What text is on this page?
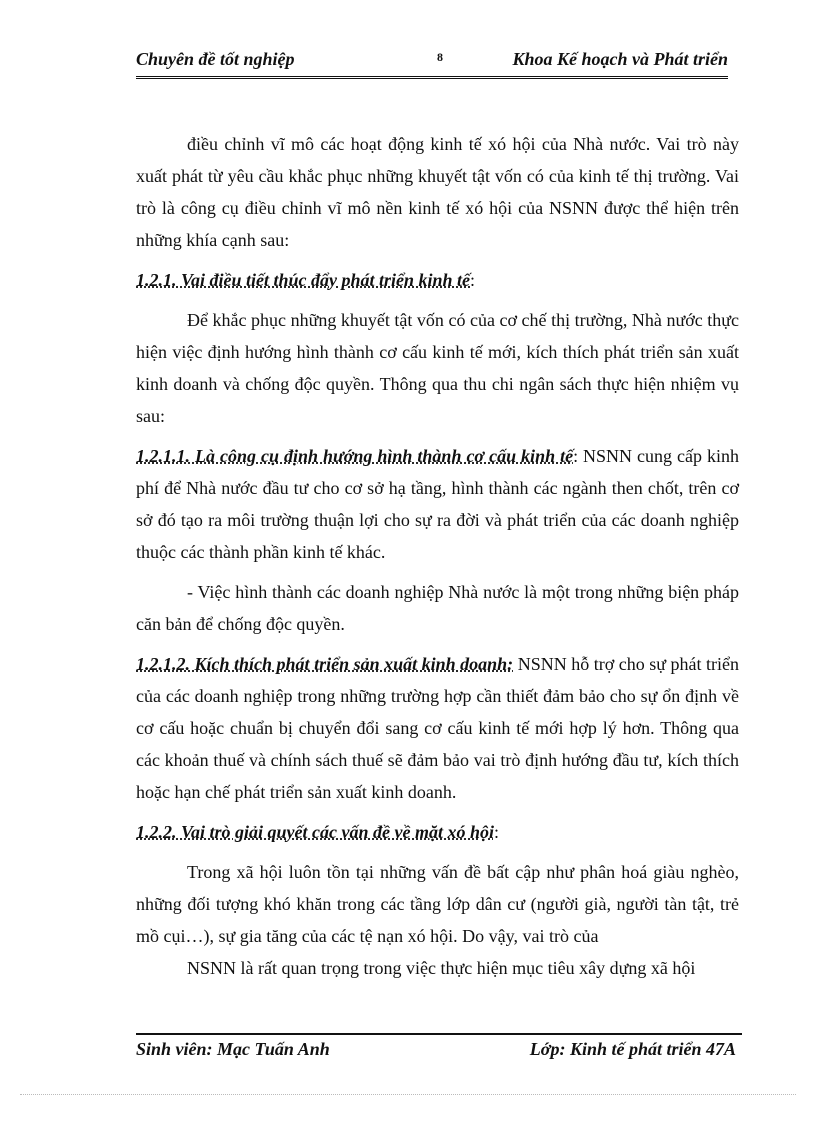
Chuyên đề tốt nghiệp	8	Khoa Kế hoạch và Phát triển

điều chỉnh vĩ mô các hoạt động kinh tế xó hội của Nhà nước. Vai trò này xuất phát từ yêu cầu khắc phục những khuyết tật vốn có của kinh tế thị trường. Vai trò là công cụ điều chỉnh vĩ mô nền kinh tế xó hội của NSNN được thể hiện trên những khía cạnh sau:

1.2.1. Vai điều tiết thúc đẩy phát triển kinh tế:

Để khắc phục những khuyết tật vốn có của cơ chế thị trường, Nhà nước thực hiện việc định hướng hình thành cơ cấu kinh tế mới, kích thích phát triển sản xuất kinh doanh và chống độc quyền. Thông qua thu chi ngân sách thực hiện nhiệm vụ sau:

1.2.1.1. Là công cụ định hướng hình thành cơ cấu kinh tế: NSNN cung cấp kinh phí để Nhà nước đầu tư cho cơ sở hạ tầng, hình thành các ngành then chốt, trên cơ sở đó tạo ra môi trường thuận lợi cho sự ra đời và phát triển của các doanh nghiệp thuộc các thành phần kinh tế khác.

- Việc hình thành các doanh nghiệp Nhà nước là một trong những biện pháp căn bản để chống độc quyền.

1.2.1.2. Kích thích phát triển sản xuất kinh doanh: NSNN hỗ trợ cho sự phát triển của các doanh nghiệp trong những trường hợp cần thiết đảm bảo cho sự ổn định về cơ cấu hoặc chuẩn bị chuyển đổi sang cơ cấu kinh tế mới hợp lý hơn. Thông qua các khoản thuế và chính sách thuế sẽ đảm bảo vai trò định hướng đầu tư, kích thích hoặc hạn chế phát triển sản xuất kinh doanh.

1.2.2. Vai trò giải quyết các vấn đề về mặt xó hội:

Trong xã hội luôn tồn tại những vấn đề bất cập như phân hoá giàu nghèo, những đối tượng khó khăn trong các tầng lớp dân cư (người già, người tàn tật, trẻ mồ cụi…), sự gia tăng của các tệ nạn xó hội. Do vậy, vai trò của

NSNN là rất quan trọng trong việc thực hiện mục tiêu xây dựng xã hội

Sinh viên: Mạc Tuấn Anh	Lớp: Kinh tế phát triển 47A
